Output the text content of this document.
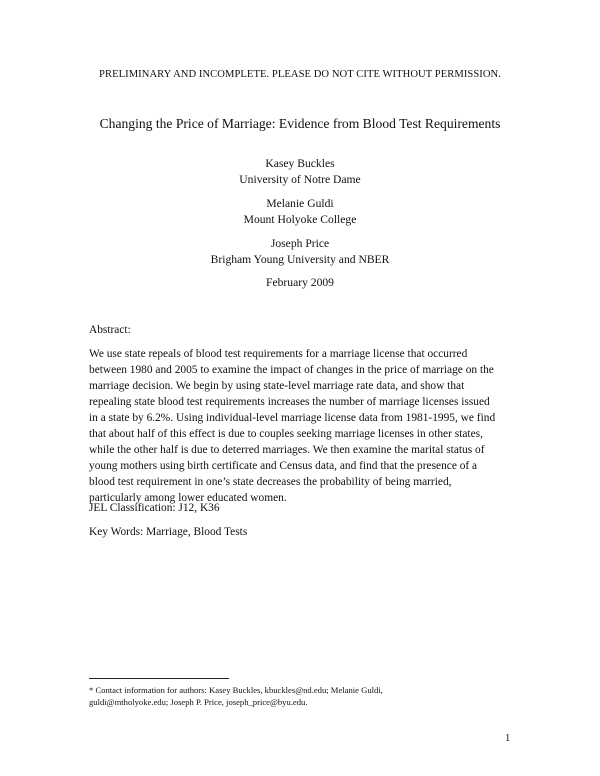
PRELIMINARY AND INCOMPLETE. PLEASE DO NOT CITE WITHOUT PERMISSION.
Changing the Price of Marriage: Evidence from Blood Test Requirements
Kasey Buckles
University of Notre Dame
Melanie Guldi
Mount Holyoke College
Joseph Price
Brigham Young University and NBER
February 2009
Abstract:
We use state repeals of blood test requirements for a marriage license that occurred
between 1980 and 2005 to examine the impact of changes in the price of marriage on the
marriage decision. We begin by using state-level marriage rate data, and show that
repealing state blood test requirements increases the number of marriage licenses issued
in a state by 6.2%. Using individual-level marriage license data from 1981-1995, we find
that about half of this effect is due to couples seeking marriage licenses in other states,
while the other half is due to deterred marriages. We then examine the marital status of
young mothers using birth certificate and Census data, and find that the presence of a
blood test requirement in one’s state decreases the probability of being married,
particularly among lower educated women.
JEL Classification: J12, K36
Key Words: Marriage, Blood Tests
* Contact information for authors: Kasey Buckles, kbuckles@nd.edu; Melanie Guldi,
guldi@mtholyoke.edu; Joseph P. Price, joseph_price@byu.edu.
1
